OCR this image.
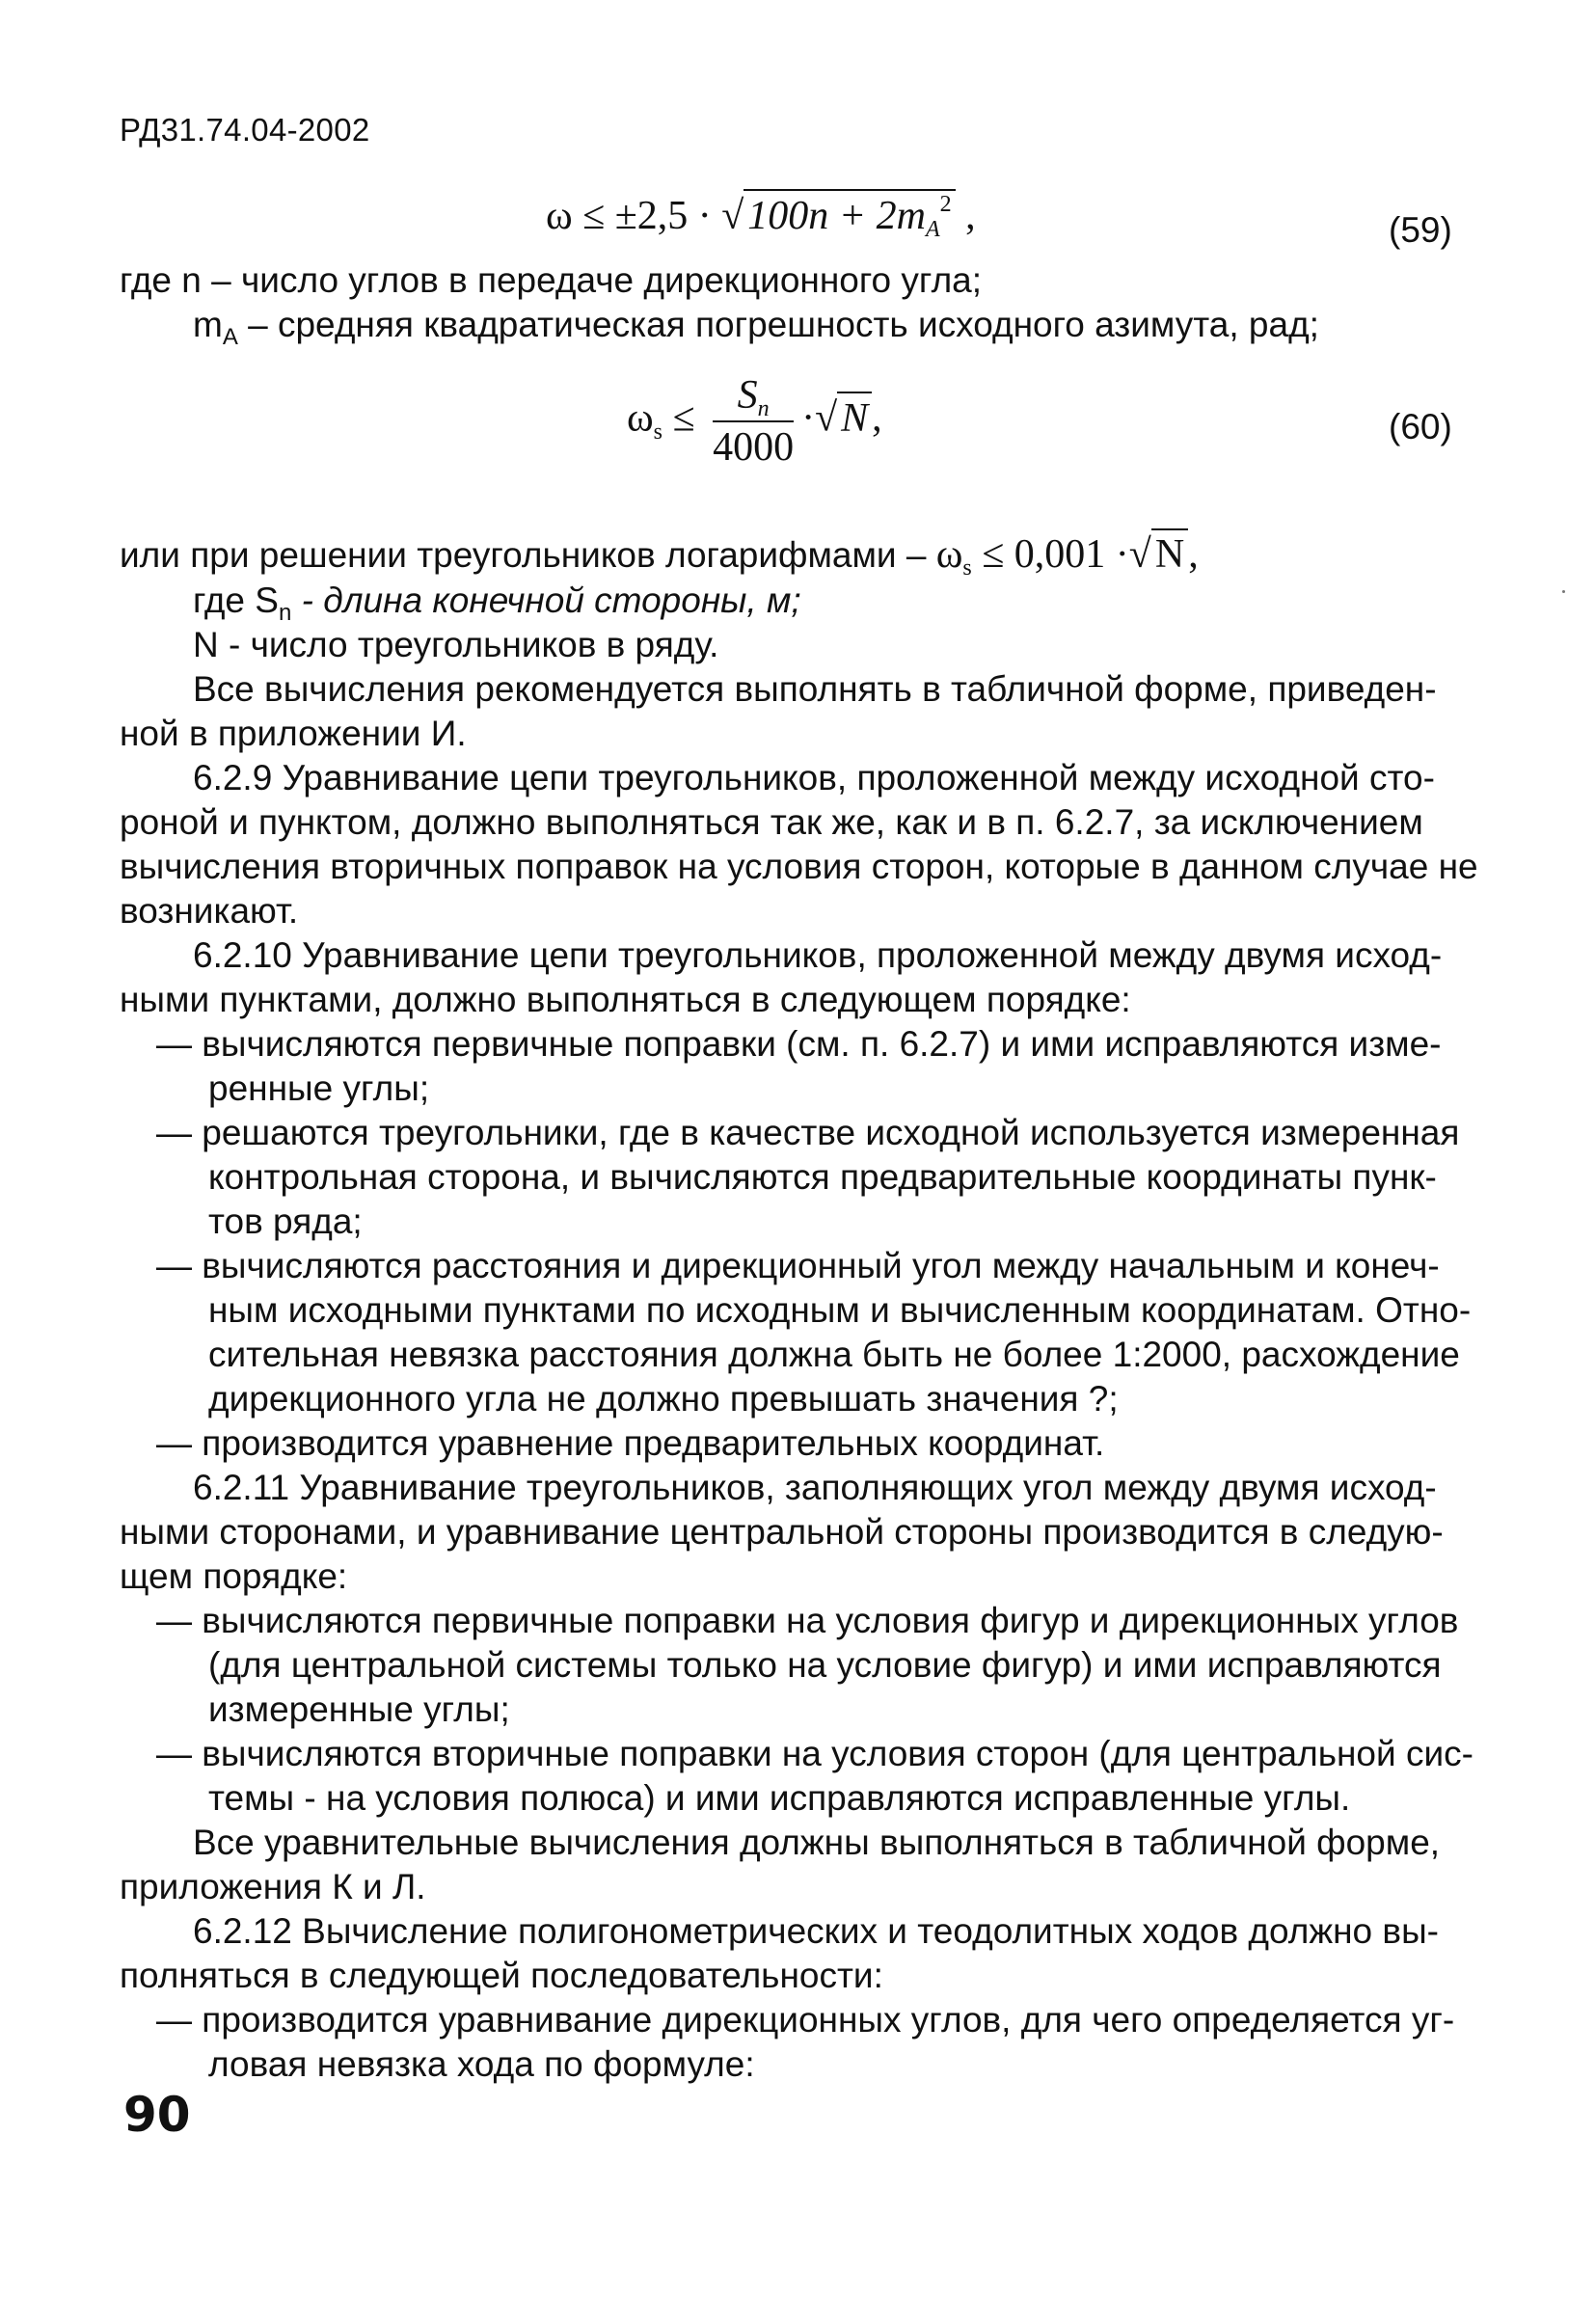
РД31.74.04-2002
$\omega \le \pm 2,5 \cdot √100n + 2mA^2$ ,	(59)
где n – число углов в передаче дирекционного угла;
$m_A$ – средняя квадратическая погрешность исходного азимута, рад;
$\omega s \le \frac{Sn}{4000} \cdot√N$,	(60)
или при решении треугольников логарифмами – ωs ≤ 0,001 ·√N,
где $S_n$ - длина конечной стороны, м;
N - число треугольников в ряду.
Все вычисления рекомендуется выполнять в табличной форме, приведен-
ной в приложении И.
6.2.9 Уравнивание цепи треугольников, проложенной между исходной сто-
роной и пунктом, должно выполняться так же, как и в п. 6.2.7, за исключением
вычисления вторичных поправок на условия сторон, которые в данном случае не
возникают.
6.2.10 Уравнивание цепи треугольников, проложенной между двумя исход-
ными пунктами, должно выполняться в следующем порядке:
— вычисляются первичные поправки (см. п. 6.2.7) и ими исправляются изме-
ренные углы;
— решаются треугольники, где в качестве исходной используется измеренная
контрольная сторона, и вычисляются предварительные координаты пунк-
тов ряда;
— вычисляются расстояния и дирекционный угол между начальным и конеч-
ным исходными пунктами по исходным и вычисленным координатам. Отно-
сительная невязка расстояния должна быть не более 1:2000, расхождение
дирекционного угла не должно превышать значения ?;
— производится уравнение предварительных координат.
6.2.11 Уравнивание треугольников, заполняющих угол между двумя исход-
ными сторонами, и уравнивание центральной стороны производится в следую-
щем порядке:
— вычисляются первичные поправки на условия фигур и дирекционных углов
(для центральной системы только на условие фигур) и ими исправляются
измеренные углы;
— вычисляются вторичные поправки на условия сторон (для центральной сис-
темы - на условия полюса) и ими исправляются исправленные углы.
Все уравнительные вычисления должны выполняться в табличной форме,
приложения К и Л.
6.2.12 Вычисление полигонометрических и теодолитных ходов должно вы-
полняться в следующей последовательности:
— производится уравнивание дирекционных углов, для чего определяется уг-
ловая невязка хода по формуле:
90
